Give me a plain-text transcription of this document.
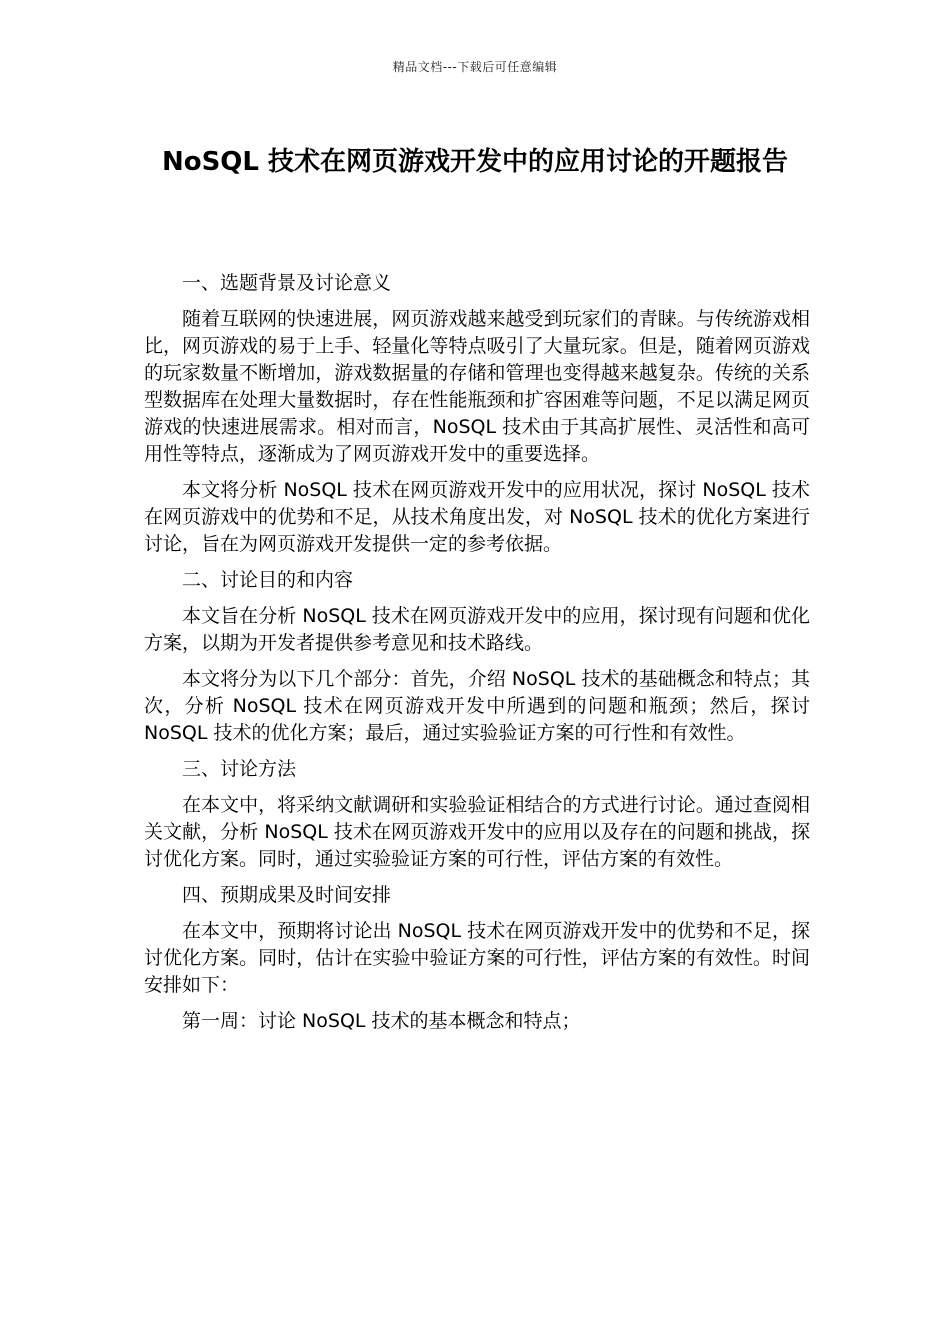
精品文档---下载后可任意编辑
NoSQL 技术在网页游戏开发中的应用讨论的开题报告

一、选题背景及讨论意义

随着互联网的快速进展，网页游戏越来越受到玩家们的青睐。与传统游戏相比，网页游戏的易于上手、轻量化等特点吸引了大量玩家。但是，随着网页游戏的玩家数量不断增加，游戏数据量的存储和管理也变得越来越复杂。传统的关系型数据库在处理大量数据时，存在性能瓶颈和扩容困难等问题，不足以满足网页游戏的快速进展需求。相对而言，NoSQL 技术由于其高扩展性、灵活性和高可用性等特点，逐渐成为了网页游戏开发中的重要选择。

本文将分析 NoSQL 技术在网页游戏开发中的应用状况，探讨 NoSQL 技术在网页游戏中的优势和不足，从技术角度出发，对 NoSQL 技术的优化方案进行讨论，旨在为网页游戏开发提供一定的参考依据。

二、讨论目的和内容

本文旨在分析 NoSQL 技术在网页游戏开发中的应用，探讨现有问题和优化方案，以期为开发者提供参考意见和技术路线。

本文将分为以下几个部分：首先，介绍 NoSQL 技术的基础概念和特点；其次，分析 NoSQL 技术在网页游戏开发中所遇到的问题和瓶颈；然后，探讨 NoSQL 技术的优化方案；最后，通过实验验证方案的可行性和有效性。

三、讨论方法

在本文中，将采纳文献调研和实验验证相结合的方式进行讨论。通过查阅相关文献，分析 NoSQL 技术在网页游戏开发中的应用以及存在的问题和挑战，探讨优化方案。同时，通过实验验证方案的可行性，评估方案的有效性。

四、预期成果及时间安排

在本文中，预期将讨论出 NoSQL 技术在网页游戏开发中的优势和不足，探讨优化方案。同时，估计在实验中验证方案的可行性，评估方案的有效性。时间安排如下：

第一周：讨论 NoSQL 技术的基本概念和特点；
